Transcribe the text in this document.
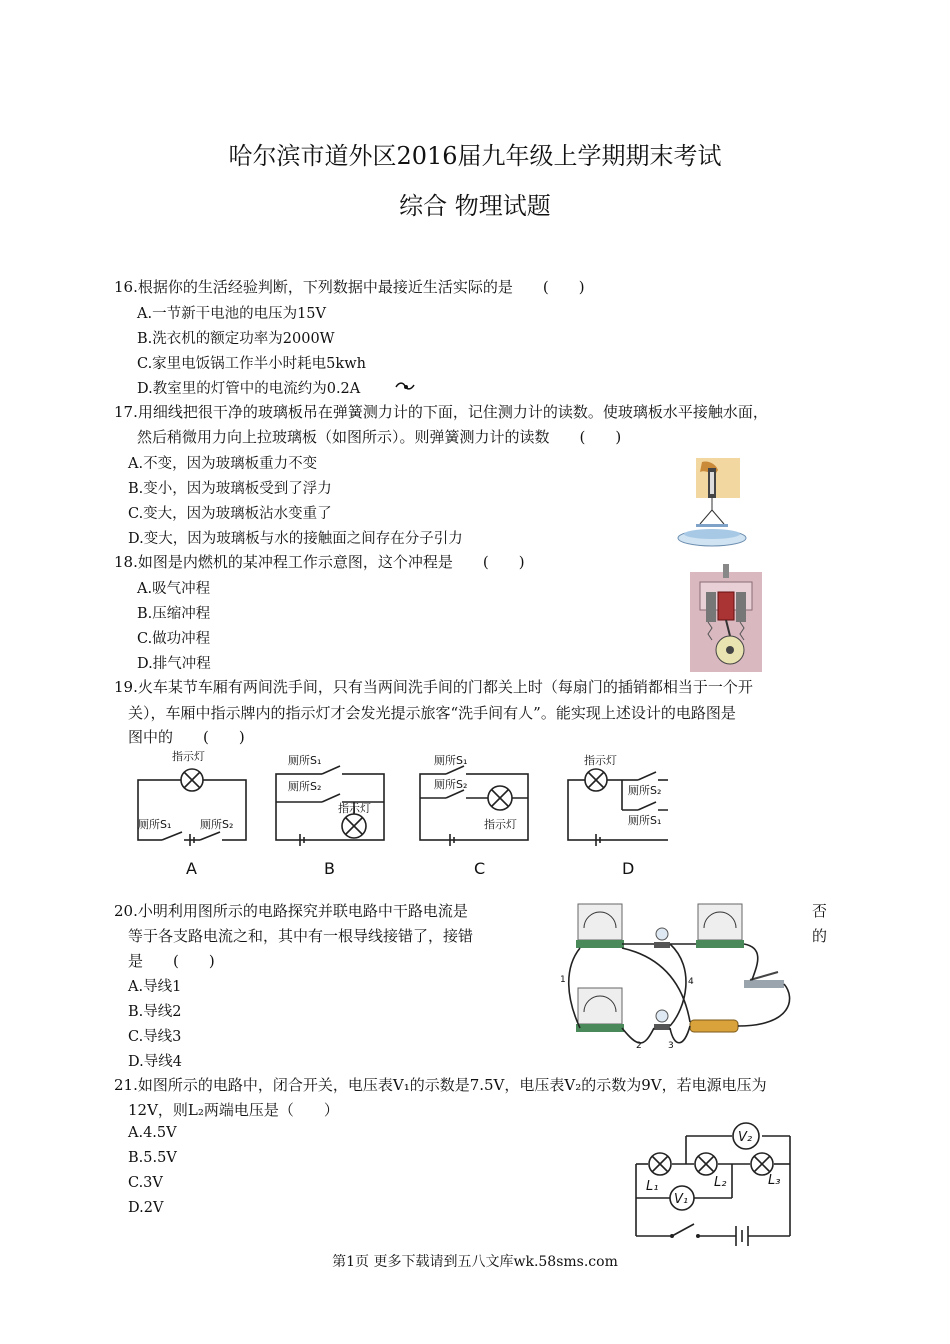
哈尔滨市道外区2016届九年级上学期期末考试
综合 物理试题
16.根据你的生活经验判断，下列数据中最接近生活实际的是　　(　　)
A.一节新干电池的电压为15V
B.洗衣机的额定功率为2000W
C.家里电饭锅工作半小时耗电5kwh
D.教室里的灯管中的电流约为0.2A
17.用细线把很干净的玻璃板吊在弹簧测力计的下面，记住测力计的读数。使玻璃板水平接触水面，
然后稍微用力向上拉玻璃板（如图所示）。则弹簧测力计的读数　　(　　)
A.不变，因为玻璃板重力不变
B.变小，因为玻璃板受到了浮力
C.变大，因为玻璃板沾水变重了
D.变大，因为玻璃板与水的接触面之间存在分子引力
18.如图是内燃机的某冲程工作示意图，这个冲程是　　(　　)
A.吸气冲程
B.压缩冲程
C.做功冲程
D.排气冲程
19.火车某节车厢有两间洗手间，只有当两间洗手间的门都关上时（每扇门的插销都相当于一个开
关），车厢中指示牌内的指示灯才会发光提示旅客“洗手间有人”。能实现上述设计的电路图是
图中的　　(　　)
指示灯
厕所S₁	厕所S₂
厕所S₁
厕所S₂
指示灯
厕所S₁
厕所S₂
指示灯
指示灯
厕所S₂
厕所S₁
A	B	C	D
20.小明利用图所示的电路探究并联电路中干路电流是	否
等于各支路电流之和，其中有一根导线接错了，接错	的
是　　(　　)
A.导线1
B.导线2
C.导线3
D.导线4
1
2	3
4
21.如图所示的电路中，闭合开关，电压表V₁的示数是7.5V，电压表V₂的示数为9V，若电源电压为
12V，则L₂两端电压是（　　）
A.4.5V
B.5.5V
C.3V
D.2V
V₁
V₂
L₁	L₂	L₃
第1页 更多下载请到五八文库wk.58sms.com
